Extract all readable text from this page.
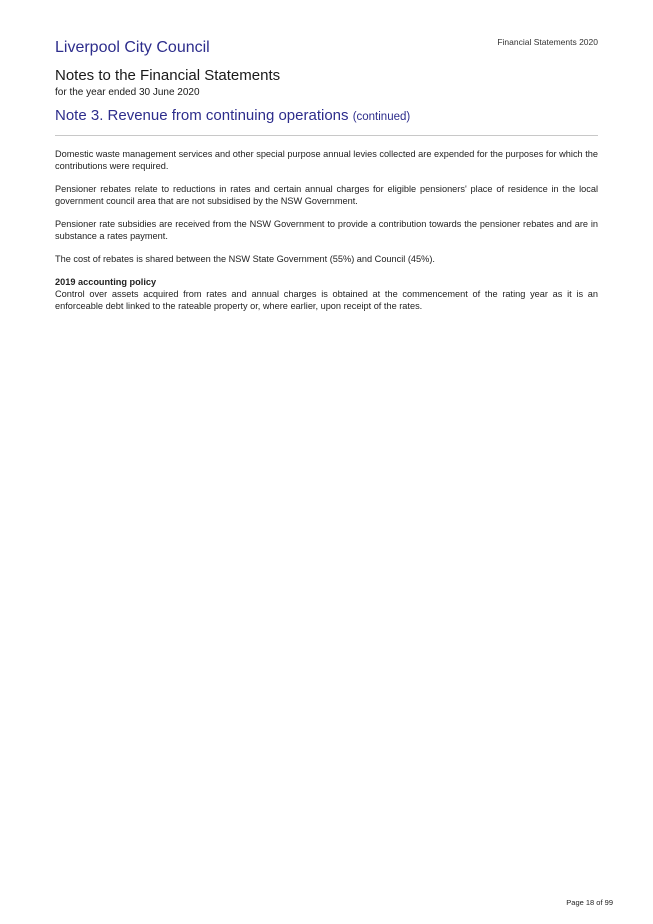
Financial Statements 2020
Liverpool City Council
Notes to the Financial Statements
for the year ended 30 June 2020
Note 3. Revenue from continuing operations (continued)

Domestic waste management services and other special purpose annual levies collected are expended for the purposes for which the contributions were required.

Pensioner rebates relate to reductions in rates and certain annual charges for eligible pensioners' place of residence in the local government council area that are not subsidised by the NSW Government.

Pensioner rate subsidies are received from the NSW Government to provide a contribution towards the pensioner rebates and are in substance a rates payment.

The cost of rebates is shared between the NSW State Government (55%) and Council (45%).

2019 accounting policy

Control over assets acquired from rates and annual charges is obtained at the commencement of the rating year as it is an enforceable debt linked to the rateable property or, where earlier, upon receipt of the rates.

Page 18 of 99
